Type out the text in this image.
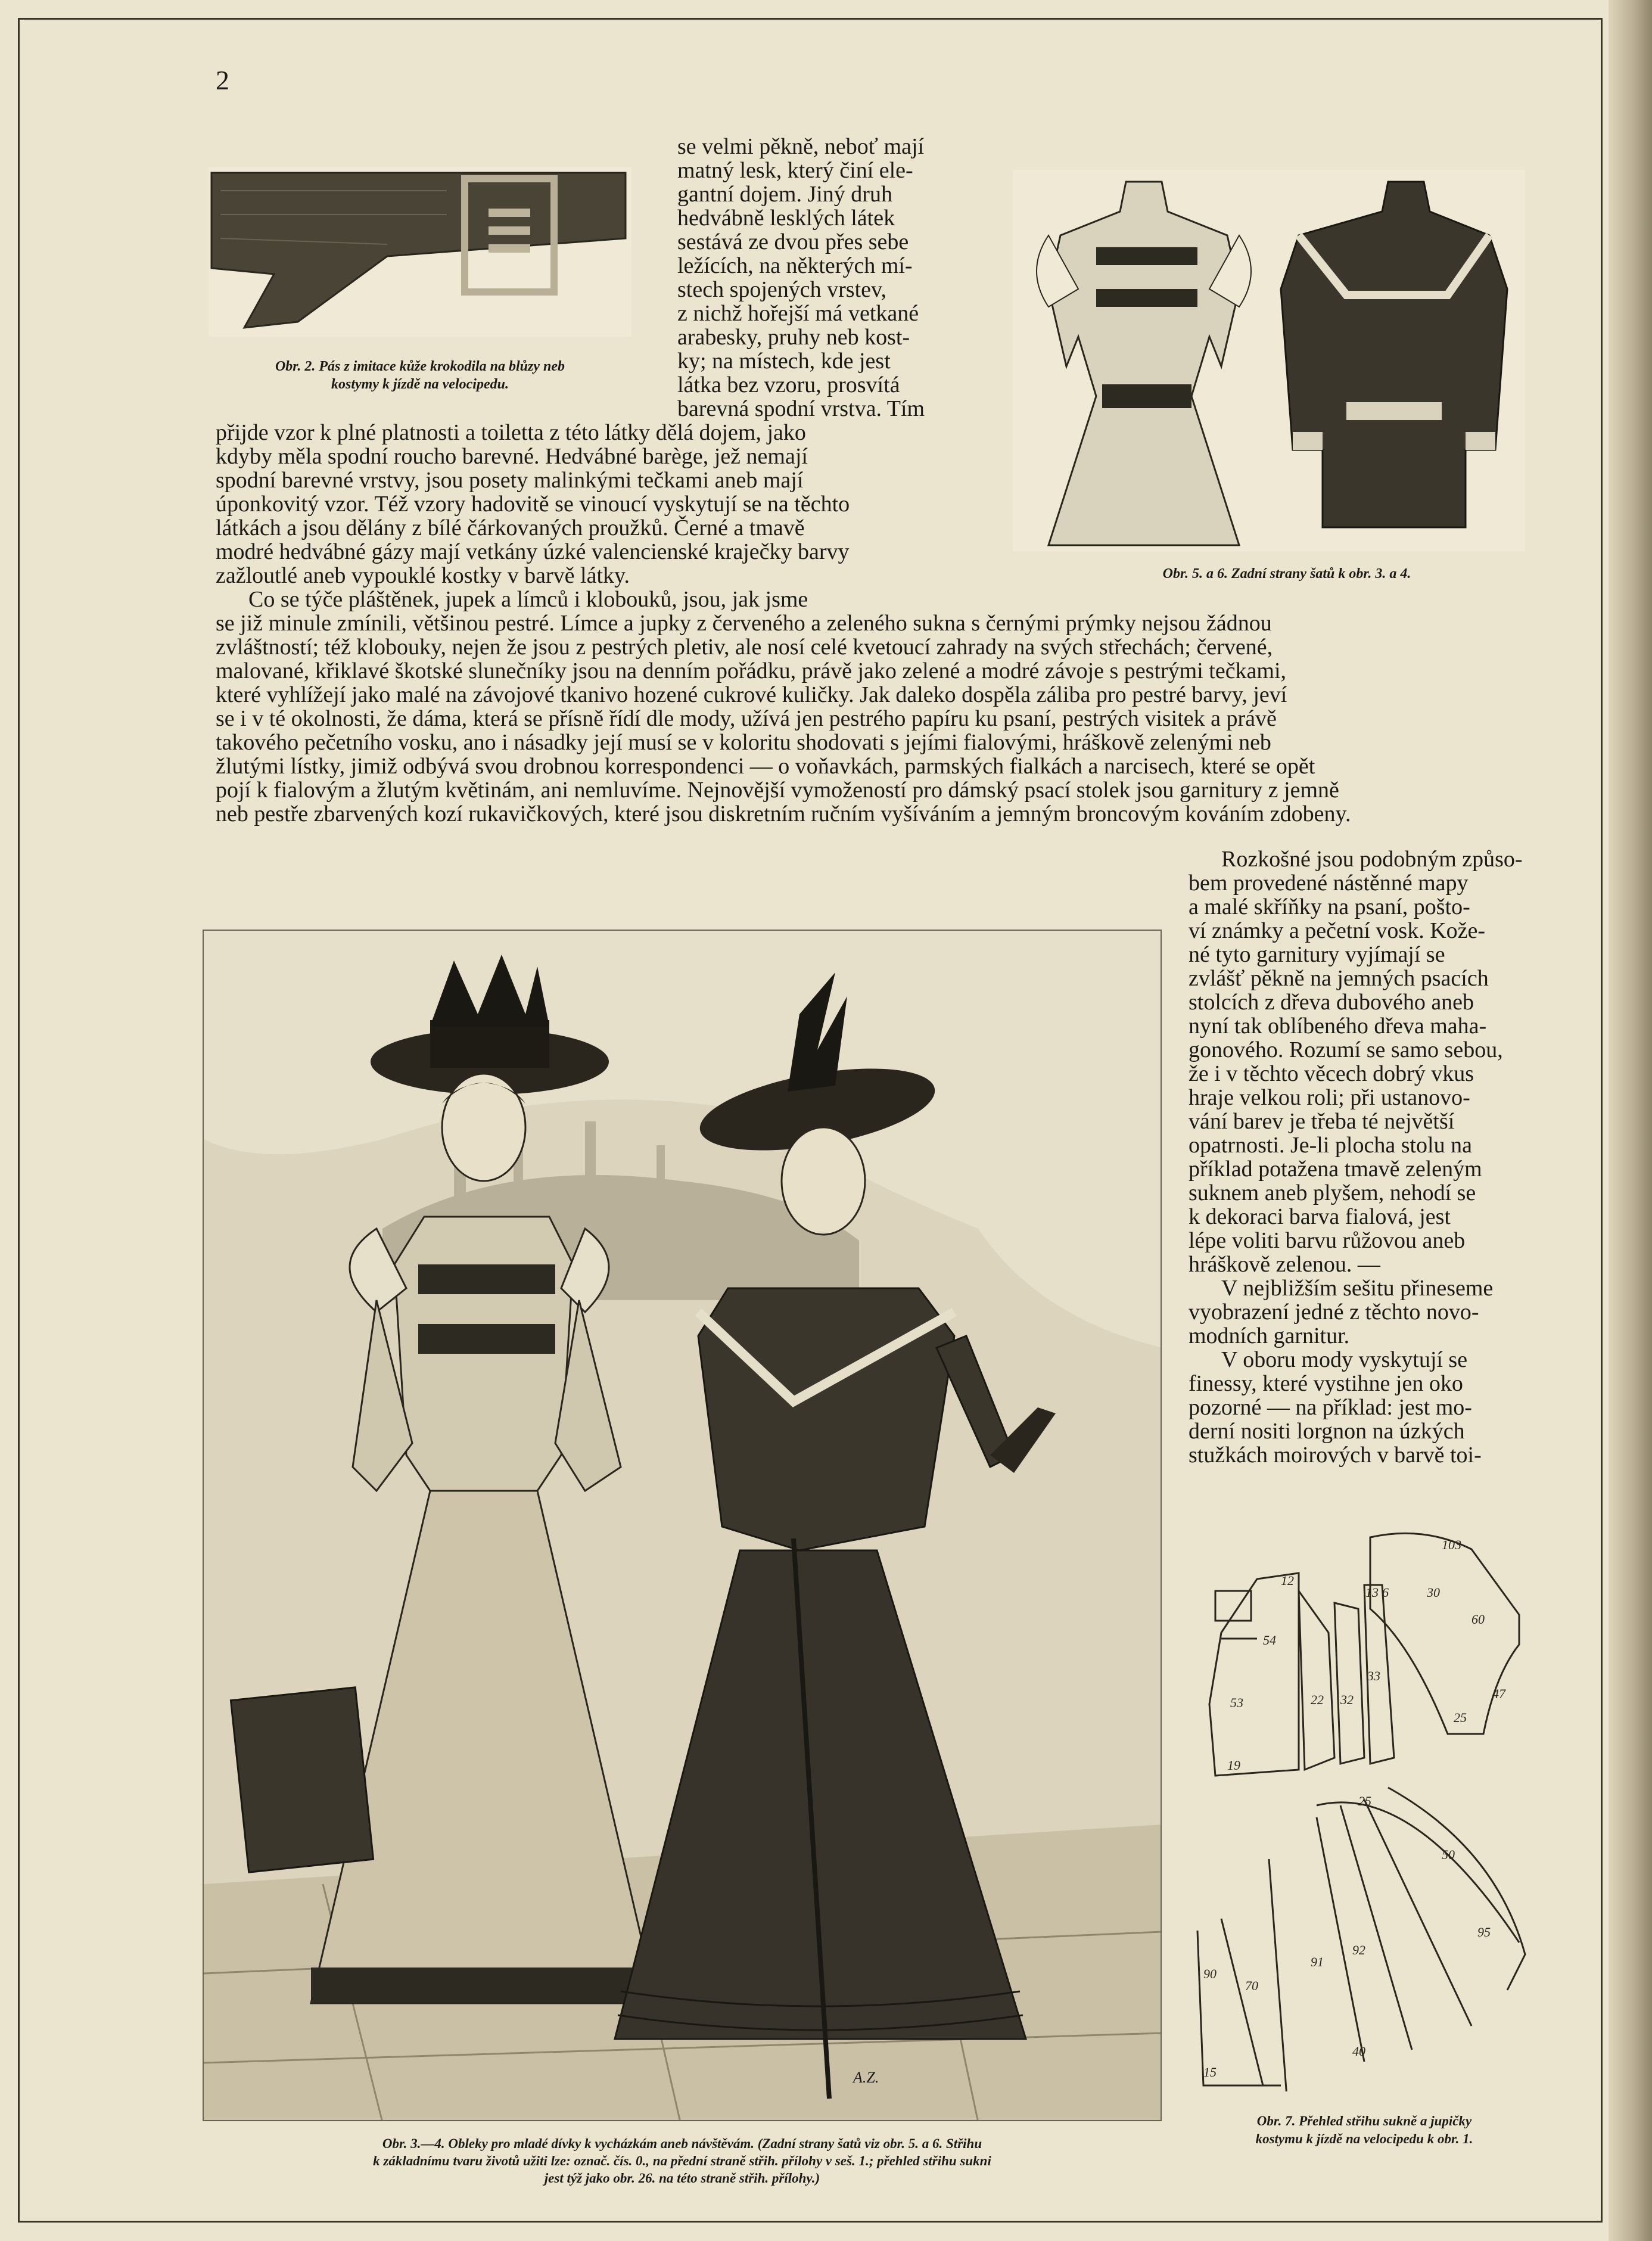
2
Obr. 2. Pás z imitace kůže krokodila na blůzy neb
kostymy k jízdě na velocipedu.

se velmi pěkně, neboť mají

matný lesk, který činí ele-

gantní dojem. Jiný druh

hedvábně lesklých látek

sestává ze dvou přes sebe

ležících, na některých mí-

stech spojených vrstev,

z nichž hořejší má vetkané

arabesky, pruhy neb kost-

ky; na místech, kde jest

látka bez vzoru, prosvítá

barevná spodní vrstva. Tím

Obr. 5. a 6. Zadní strany šatů k obr. 3. a 4.

přijde vzor k plné platnosti a toiletta z této látky dělá dojem, jako

kdyby měla spodní roucho barevné. Hedvábné barège, jež nemají

spodní barevné vrstvy, jsou posety malinkými tečkami aneb mají

úponkovitý vzor. Též vzory hadovitě se vinoucí vyskytují se na těchto

látkách a jsou dělány z bílé čárkovaných proužků. Černé a tmavě

modré hedvábné gázy mají vetkány úzké valencienské kraječky barvy

zažloutlé aneb vypouklé kostky v barvě látky.

Co se týče pláštěnek, jupek a límců i klobouků, jsou, jak jsme

se již minule zmínili, většinou pestré. Límce a jupky z červeného a zeleného sukna s černými prýmky nejsou žádnou

zvláštností; též klobouky, nejen že jsou z pestrých pletiv, ale nosí celé kvetoucí zahrady na svých střechách; červené,

malované, křiklavé škotské slunečníky jsou na denním pořádku, právě jako zelené a modré závoje s pestrými tečkami,

které vyhlížejí jako malé na závojové tkanivo hozené cukrové kuličky. Jak daleko dospěla záliba pro pestré barvy, jeví

se i v té okolnosti, že dáma, která se přísně řídí dle mody, užívá jen pestrého papíru ku psaní, pestrých visitek a právě

takového pečetního vosku, ano i násadky její musí se v koloritu shodovati s jejími fialovými, hráškově zelenými neb

žlutými lístky, jimiž odbývá svou drobnou korrespondenci — o voňavkách, parmských fialkách a narcisech, které se opět

pojí k fialovým a žlutým květinám, ani nemluvíme. Nejnovější vymožeností pro dámský psací stolek jsou garnitury z jemně

neb pestře zbarvených kozí rukavičkových, které jsou diskretním ručním vyšíváním a jemným broncovým kováním zdobeny.

A.Z.
Obr. 3.—4. Obleky pro mladé dívky k vycházkám aneb návštěvám. (Zadní strany šatů viz obr. 5. a 6. Střihu
k základnímu tvaru životů užiti lze: označ. čís. 0., na přední straně střih. přílohy v seš. 1.; přehled střihu sukni
jest týž jako obr. 26. na této straně střih. přílohy.)

Rozkošné jsou podobným způso-

bem provedené nástěnné mapy

a malé skříňky na psaní, pošto-

ví známky a pečetní vosk. Kože-

né tyto garnitury vyjímají se

zvlášť pěkně na jemných psacích

stolcích z dřeva dubového aneb

nyní tak oblíbeného dřeva maha-

gonového. Rozumí se samo sebou,

že i v těchto věcech dobrý vkus

hraje velkou roli; při ustanovo-

vání barev je třeba té největší

opatrnosti. Je-li plocha stolu na

příklad potažena tmavě zeleným

suknem aneb plyšem, nehodí se

k dekoraci barva fialová, jest

lépe voliti barvu růžovou aneb

hráškově zelenou. —

V nejbližším sešitu přineseme

vyobrazení jedné z těchto novo-

modních garnitur.

V oboru mody vyskytují se

finessy, které vystihne jen oko

pozorné — na příklad: jest mo-

derní nositi lorgnon na úzkých

stužkách moirových v barvě toi-

103
30
60
25
47
53
54
12
22 32
33
19
13 6
25
50
95
90
70
40
15
91
92
Obr. 7. Přehled střihu sukně a jupičky
kostymu k jízdě na velocipedu k obr. 1.
